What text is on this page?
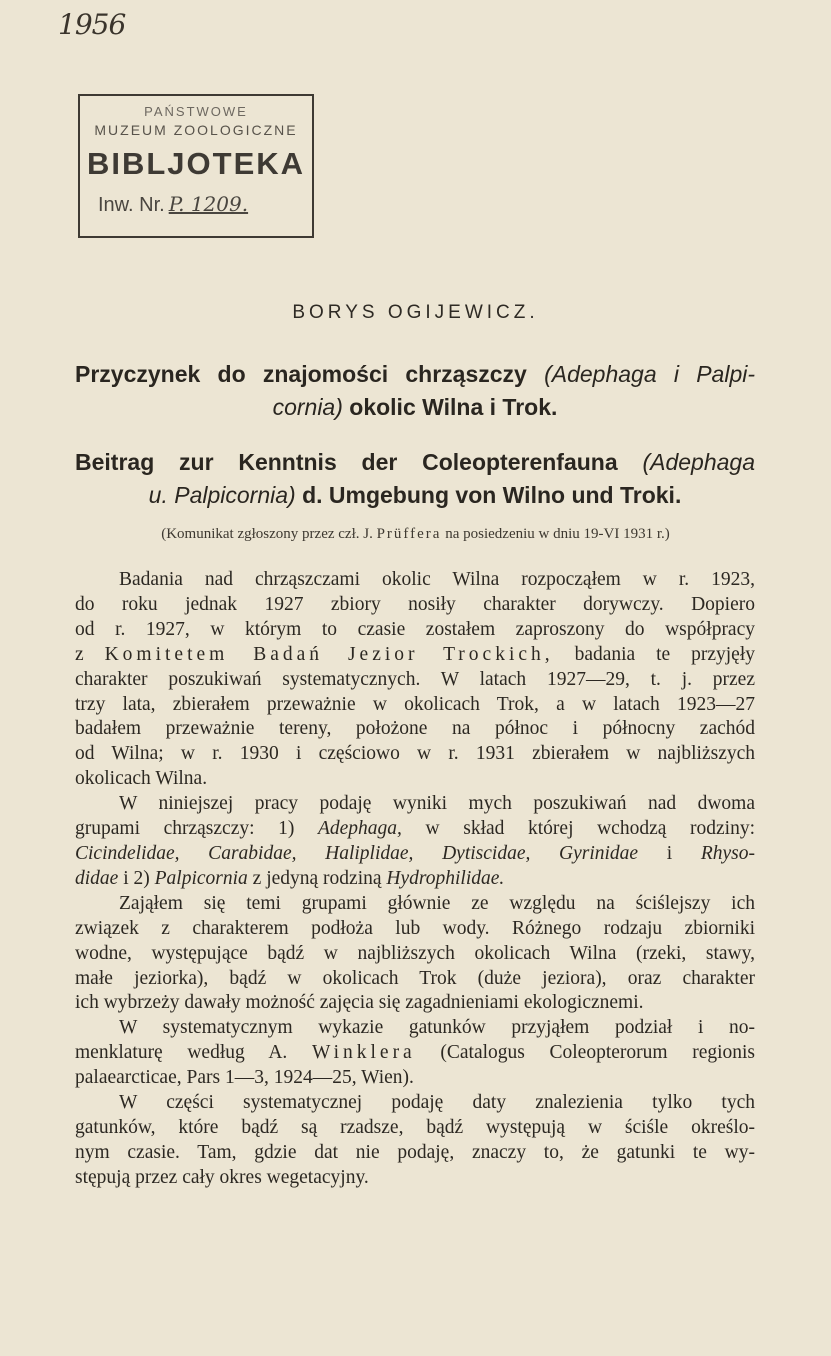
1956
PAŃSTWOWE
MUZEUM ZOOLOGICZNE
BIBLJOTEKA
Inw. Nr. P. 1209.
BORYS OGIJEWICZ.
Przyczynek do znajomości chrząszczy (Adephaga i Palpi-
cornia) okolic Wilna i Trok.
Beitrag zur Kenntnis der Coleopterenfauna (Adephaga
u. Palpicornia) d. Umgebung von Wilno und Troki.
(Komunikat zgłoszony przez czł. J. Prüffera na posiedzeniu w dniu 19-VI 1931 r.)

Badania nad chrząszczami okolic Wilna rozpocząłem w r. 1923,
do roku jednak 1927 zbiory nosiły charakter dorywczy. Dopiero
od r. 1927, w którym to czasie zostałem zaproszony do współpracy
z Komitetem Badań Jezior Trockich, badania te przyjęły
charakter poszukiwań systematycznych. W latach 1927—29, t. j. przez
trzy lata, zbierałem przeważnie w okolicach Trok, a w latach 1923—27
badałem przeważnie tereny, położone na północ i północny zachód
od Wilna; w r. 1930 i częściowo w r. 1931 zbierałem w najbliższych
okolicach Wilna.

W niniejszej pracy podaję wyniki mych poszukiwań nad dwoma
grupami chrząszczy: 1) Adephaga, w skład której wchodzą rodziny:
Cicindelidae, Carabidae, Haliplidae, Dytiscidae, Gyrinidae i Rhyso-
didae i 2) Palpicornia z jedyną rodziną Hydrophilidae.

Zająłem się temi grupami głównie ze względu na ściślejszy ich
związek z charakterem podłoża lub wody. Różnego rodzaju zbiorniki
wodne, występujące bądź w najbliższych okolicach Wilna (rzeki, stawy,
małe jeziorka), bądź w okolicach Trok (duże jeziora), oraz charakter
ich wybrzeży dawały możność zajęcia się zagadnieniami ekologicznemi.

W systematycznym wykazie gatunków przyjąłem podział i no-
menklaturę według A. Winklera (Catalogus Coleopterorum regionis
palaearcticae, Pars 1—3, 1924—25, Wien).

W części systematycznej podaję daty znalezienia tylko tych
gatunków, które bądź są rzadsze, bądź występują w ściśle określo-
nym czasie. Tam, gdzie dat nie podaję, znaczy to, że gatunki te wy-
stępują przez cały okres wegetacyjny.
